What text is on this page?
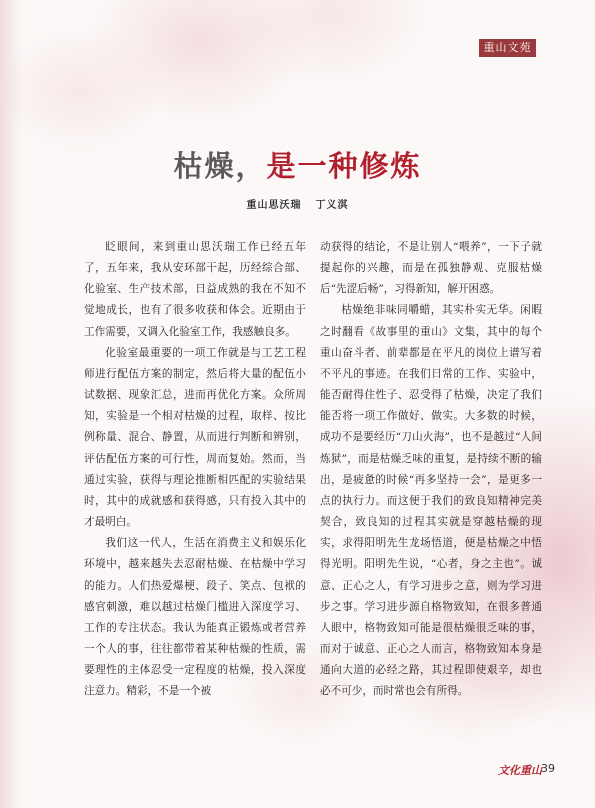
重山文苑
枯燥，是一种修炼
重山思沃瑞 丁义淇

眨眼间，来到重山思沃瑞工作已经五年了，五年来，我从安环部干起，历经综合部、化验室、生产技术部，日益成熟的我在不知不觉地成长，也有了很多收获和体会。近期由于工作需要，又调入化验室工作，我感触良多。

化验室最重要的一项工作就是与工艺工程师进行配伍方案的制定，然后将大量的配伍小试数据、现象汇总，进而再优化方案。众所周知，实验是一个相对枯燥的过程，取样、按比例称量、混合、静置，从而进行判断和辨别，评估配伍方案的可行性，周而复始。然而，当通过实验，获得与理论推断相匹配的实验结果时，其中的成就感和获得感，只有投入其中的才最明白。

我们这一代人，生活在消费主义和娱乐化环境中，越来越失去忍耐枯燥、在枯燥中学习的能力。人们热爱爆梗、段子、笑点、包袱的感官刺激，难以越过枯燥门槛进入深度学习、工作的专注状态。我认为能真正锻炼或者营养一个人的事，往往都带着某种枯燥的性质，需要理性的主体忍受一定程度的枯燥，投入深度注意力。精彩，不是一个被

动获得的结论，不是让别人“喂养”，一下子就提起你的兴趣，而是在孤独静观、克服枯燥后“先涩后畅”，习得新知，解开困惑。

枯燥绝非味同嚼蜡，其实朴实无华。闲暇之时翻看《故事里的重山》文集，其中的每个重山奋斗者、前辈都是在平凡的岗位上谱写着不平凡的事迹。在我们日常的工作、实验中，能否耐得住性子、忍受得了枯燥，决定了我们能否将一项工作做好、做实。大多数的时候，成功不是要经历“刀山火海”，也不是越过“人间炼狱”，而是枯燥乏味的重复，是持续不断的输出，是疲惫的时候“再多坚持一会”，是更多一点的执行力。而这便于我们的致良知精神完美契合，致良知的过程其实就是穿越枯燥的现实，求得阳明先生龙场悟道，便是枯燥之中悟得光明。阳明先生说，“心者，身之主也”。诚意、正心之人，有学习进步之意，则为学习进步之事。学习进步源自格物致知，在很多普通人眼中，格物致知可能是很枯燥很乏味的事，而对于诚意、正心之人而言，格物致知本身是通向大道的必经之路，其过程即使艰辛，却也必不可少，而时常也会有所得。

文化重山 39
